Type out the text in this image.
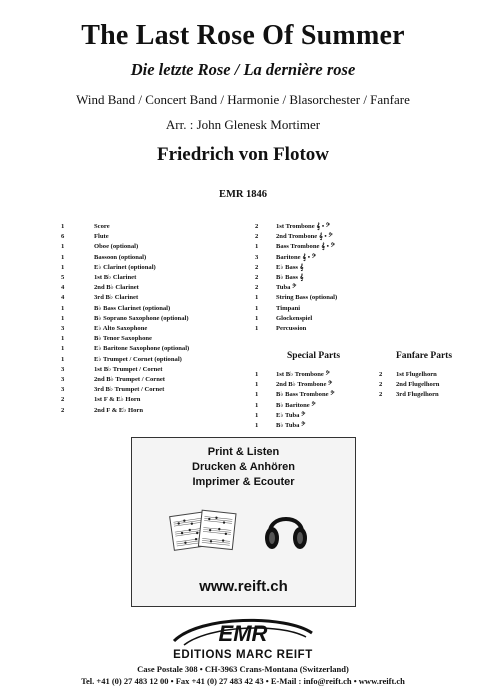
The Last Rose Of Summer
Die letzte Rose / La dernière rose
Wind Band / Concert Band / Harmonie / Blasorchester / Fanfare
Arr. : John Glenesk Mortimer
Friedrich von Flotow
EMR 1846
1	Score
6	Flute
1	Oboe (optional)
1	Bassoon (optional)
1	E♭ Clarinet (optional)
5	1st B♭ Clarinet
4	2nd B♭ Clarinet
4	3rd B♭ Clarinet
1	B♭ Bass Clarinet (optional)
1	B♭ Soprano Saxophone (optional)
3	E♭ Alto Saxophone
1	B♭ Tenor Saxophone
1	E♭ Baritone Saxophone (optional)
1	E♭ Trumpet / Cornet (optional)
3	1st B♭ Trumpet / Cornet
3	2nd B♭ Trumpet / Cornet
3	3rd B♭ Trumpet / Cornet
2	1st F & E♭ Horn
2	2nd F & E♭ Horn
2	1st Trombone 𝄞 • 𝄢
2	2nd Trombone 𝄞 • 𝄢
1	Bass Trombone 𝄞 • 𝄢
3	Baritone 𝄞 • 𝄢
2	E♭ Bass 𝄞
2	B♭ Bass 𝄞
2	Tuba 𝄢
1	String Bass (optional)
1	Timpani
1	Glockenspiel
1	Percussion
Special Parts	Fanfare Parts
1	1st B♭ Trombone 𝄢
1	2nd B♭ Trombone 𝄢
1	B♭ Bass Trombone 𝄢
1	B♭ Baritone 𝄢
1	E♭ Tuba 𝄢
1	B♭ Tuba 𝄢
2	1st Flugelhorn
2	2nd Flugelhorn
2	3rd Flugelhorn
Print & Listen
Drucken & Anhören
Imprimer & Ecouter
www.reift.ch
EMR
EDITIONS MARC REIFT
Case Postale 308 • CH-3963 Crans-Montana (Switzerland)
Tel. +41 (0) 27 483 12 00 • Fax +41 (0) 27 483 42 43 • E-Mail : info@reift.ch • www.reift.ch
